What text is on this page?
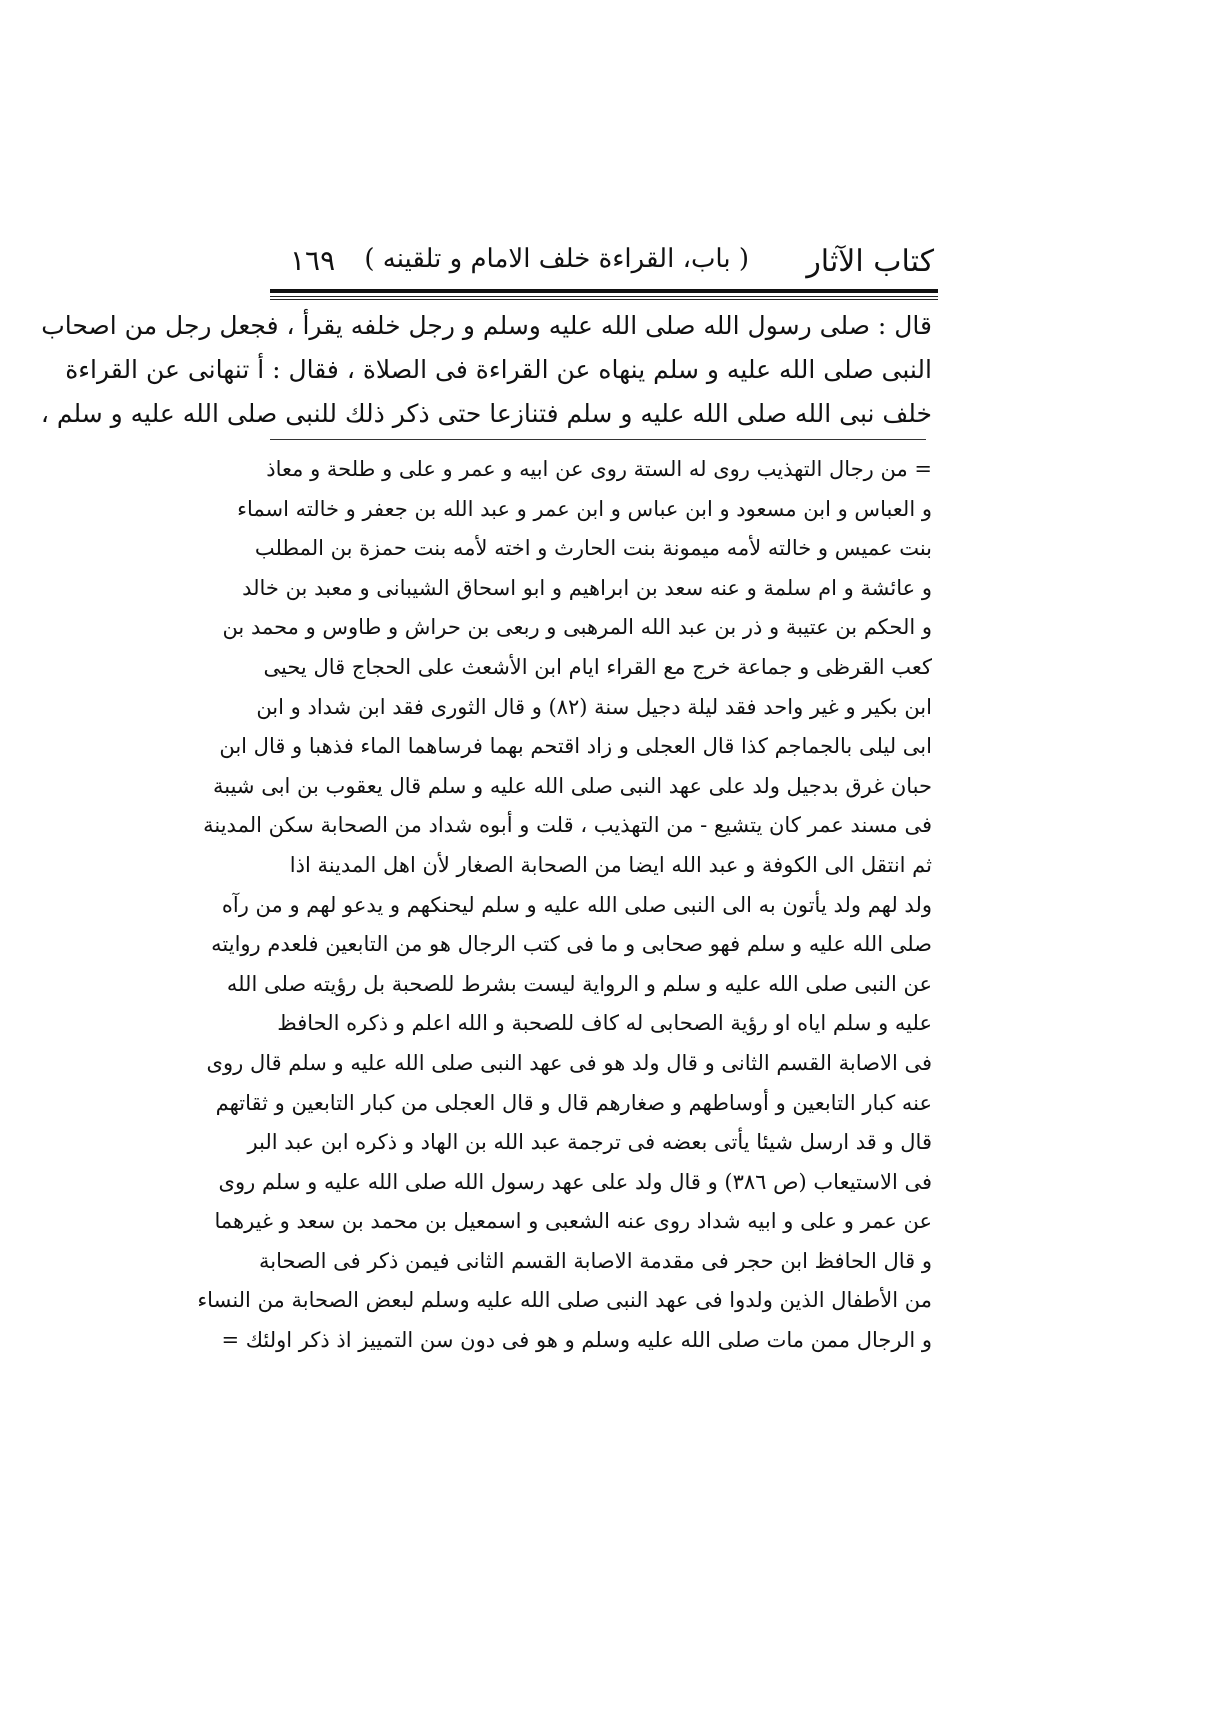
كتاب الآثار
( باب، القراءة خلف الامام و تلقينه )
١٦٩

قال : صلى رسول الله صلى الله عليه وسلم و رجل خلفه يقرأ ، فجعل رجل من اصحاب

النبى صلى الله عليه و سلم ينهاه عن القراءة فى الصلاة ، فقال : أ تنهانى عن القراءة

خلف نبى الله صلى الله عليه و سلم فتنازعا حتى ذكر ذلك للنبى صلى الله عليه و سلم ،

= من رجال التهذيب روى له الستة روى عن ابيه و عمر و على و طلحة و معاذ

و العباس و ابن مسعود و ابن عباس و ابن عمر و عبد الله بن جعفر و خالته اسماء

بنت عميس و خالته لأمه ميمونة بنت الحارث و اخته لأمه بنت حمزة بن المطلب

و عائشة و ام سلمة و عنه سعد بن ابراهيم و ابو اسحاق الشيبانى و معبد بن خالد

و الحكم بن عتيبة و ذر بن عبد الله المرهبى و ربعى بن حراش و طاوس و محمد بن

كعب القرظى و جماعة خرج مع القراء ايام ابن الأشعث على الحجاج قال يحيى

ابن بكير و غير واحد فقد ليلة دجيل سنة (٨٢) و قال الثورى فقد ابن شداد و ابن

ابى ليلى بالجماجم كذا قال العجلى و زاد اقتحم بهما فرساهما الماء فذهبا و قال ابن

حبان غرق بدجيل ولد على عهد النبى صلى الله عليه و سلم قال يعقوب بن ابى شيبة

فى مسند عمر كان يتشيع - من التهذيب ، قلت و أبوه شداد من الصحابة سكن المدينة

ثم انتقل الى الكوفة و عبد الله ايضا من الصحابة الصغار لأن اهل المدينة اذا

ولد لهم ولد يأتون به الى النبى صلى الله عليه و سلم ليحنكهم و يدعو لهم و من رآه

صلى الله عليه و سلم فهو صحابى و ما فى كتب الرجال هو من التابعين فلعدم روايته

عن النبى صلى الله عليه و سلم و الرواية ليست بشرط للصحبة بل رؤيته صلى الله

عليه و سلم اياه او رؤية الصحابى له كاف للصحبة و الله اعلم و ذكره الحافظ

فى الاصابة القسم الثانى و قال ولد هو فى عهد النبى صلى الله عليه و سلم قال روى

عنه كبار التابعين و أوساطهم و صغارهم قال و قال العجلى من كبار التابعين و ثقاتهم

قال و قد ارسل شيئا يأتى بعضه فى ترجمة عبد الله بن الهاد و ذكره ابن عبد البر

فى الاستيعاب (ص ٣٨٦) و قال ولد على عهد رسول الله صلى الله عليه و سلم روى

عن عمر و على و ابيه شداد روى عنه الشعبى و اسمعيل بن محمد بن سعد و غيرهما

و قال الحافظ ابن حجر فى مقدمة الاصابة القسم الثانى فيمن ذكر فى الصحابة

من الأطفال الذين ولدوا فى عهد النبى صلى الله عليه وسلم لبعض الصحابة من النساء

و الرجال ممن مات صلى الله عليه وسلم و هو فى دون سن التمييز اذ ذكر اولئك =
